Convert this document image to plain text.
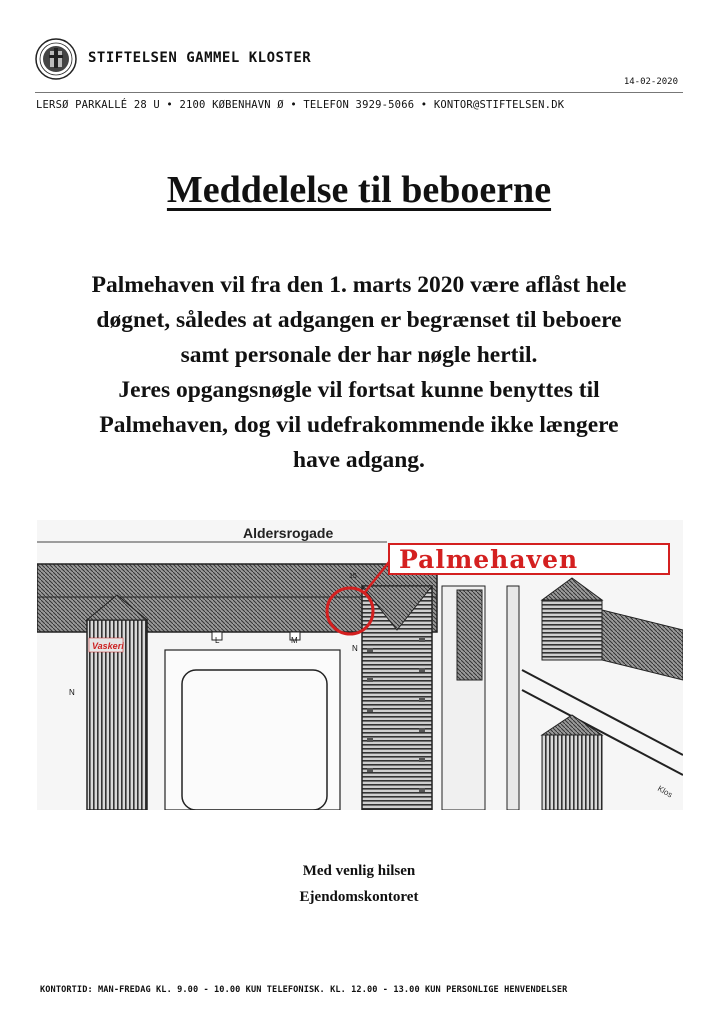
STIFTELSEN GAMMEL KLOSTER
14-02-2020
LERSØ PARKALLÉ 28 U • 2100 KØBENHAVN Ø • TELEFON 3929-5066 • KONTOR@STIFTELSEN.DK
Meddelelse til beboerne
Palmehaven vil fra den 1. marts 2020 være aflåst hele
døgnet, således at adgangen er begrænset til beboere
samt personale der har nøgle hertil.
Jeres opgangsnøgle vil fortsat kunne benyttes til
Palmehaven, dog vil udefrakommende ikke længere
have adgang.
Vaskeri
L	M
N
N
15
Klos
Aldersrogade
Palmehaven
Med venlig hilsen
Ejendomskontoret
KONTORTID: MAN-FREDAG KL. 9.00 - 10.00 KUN TELEFONISK. KL. 12.00 - 13.00 KUN PERSONLIGE HENVENDELSER
